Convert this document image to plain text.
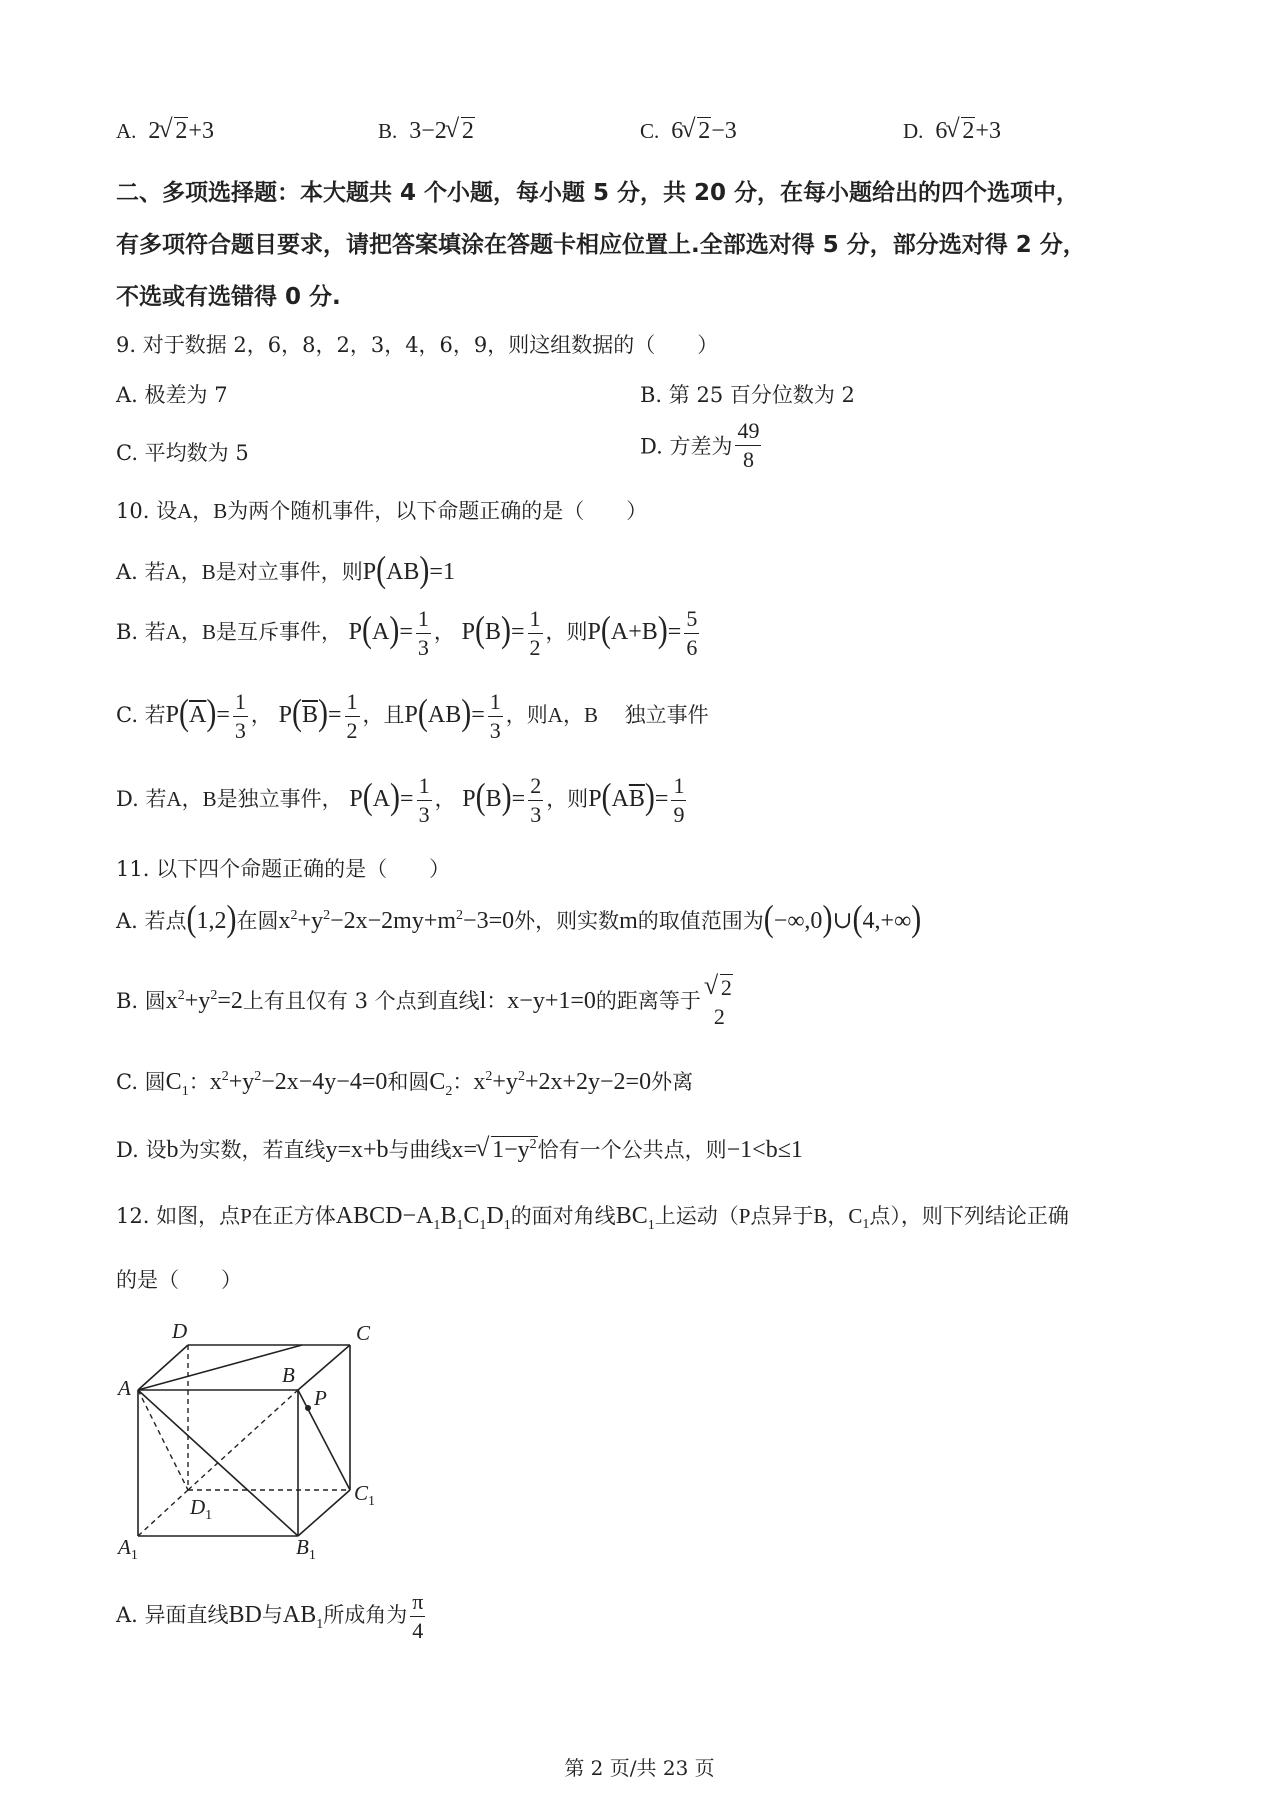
A. 2 √ 2+3	B. 3−2 √ 2	C. 6 √ 2−3	D. 6 √ 2+3
二、多项选择题：本大题共 4 个小题，每小题 5 分，共 20 分，在每小题给出的四个选项中，
有多项符合题目要求，请把答案填涂在答题卡相应位置上.全部选对得 5 分，部分选对得 2 分，
不选或有选错得 0 分.
9. 对于数据 2，6，8，2，3，4，6，9，则这组数据的（　　）
A. 极差为 7	B. 第 25 百分位数为 2
C. 平均数为 5	D. 方差为 $\frac{49}{8}$
10. 设A，B为两个随机事件，以下命题正确的是（　　）
A. 若A，B是对立事件，则P(AB)=1
B. 若A，B是互斥事件， $P(A)= \frac{1}{3}$ ， $P(B)= \frac{1}{2}$ ，则$P(A+B)= \frac{5}{6}$
C. 若$P(\overline{A})= \frac{1}{3}$ ， $P(\overline{B})= \frac{1}{2}$ ，且$P(AB)= \frac{1}{3}$ ，则A，B 独立事件
D. 若A，B是独立事件， $P(A)= \frac{1}{3}$ ， $P(B)= \frac{2}{3}$ ，则$P(A\overline{B})= \frac{1}{9}$
11. 以下四个命题正确的是（　　）
A. 若点(1,2)在圆$x^2+y^2-2x-2my+m^2-3=0$外，则实数m的取值范围为(−∞,0)∪(4,+∞)
B. 圆$x^2+y^2=2$上有且仅有 3 个点到直线l：x−y+1=0的距离等于
√ 2
2
C. 圆$C_1$：$x^2+y^2-2x-4y-4=0$和圆$C_2$：$x^2+y^2+2x+2y-2=0$外离
D. 设b为实数，若直线y=x+b与曲线x= √ $1-y^2$恰有一个公共点，则−1<b≤1
12. 如图，点P在正方体$ABCD-A_1B_1C_1D_1$的面对角线$BC_1$上运动（P点异于B，$C_1$点），则下列结论正确
的是（　　）
D	C
A
B
P
$C_1$
$D_1$
$A_1$	$B_1$
A. 异面直线BD与$AB_1$所成角为 $\frac{\pi}{4}$
第 2 页/共 23 页
